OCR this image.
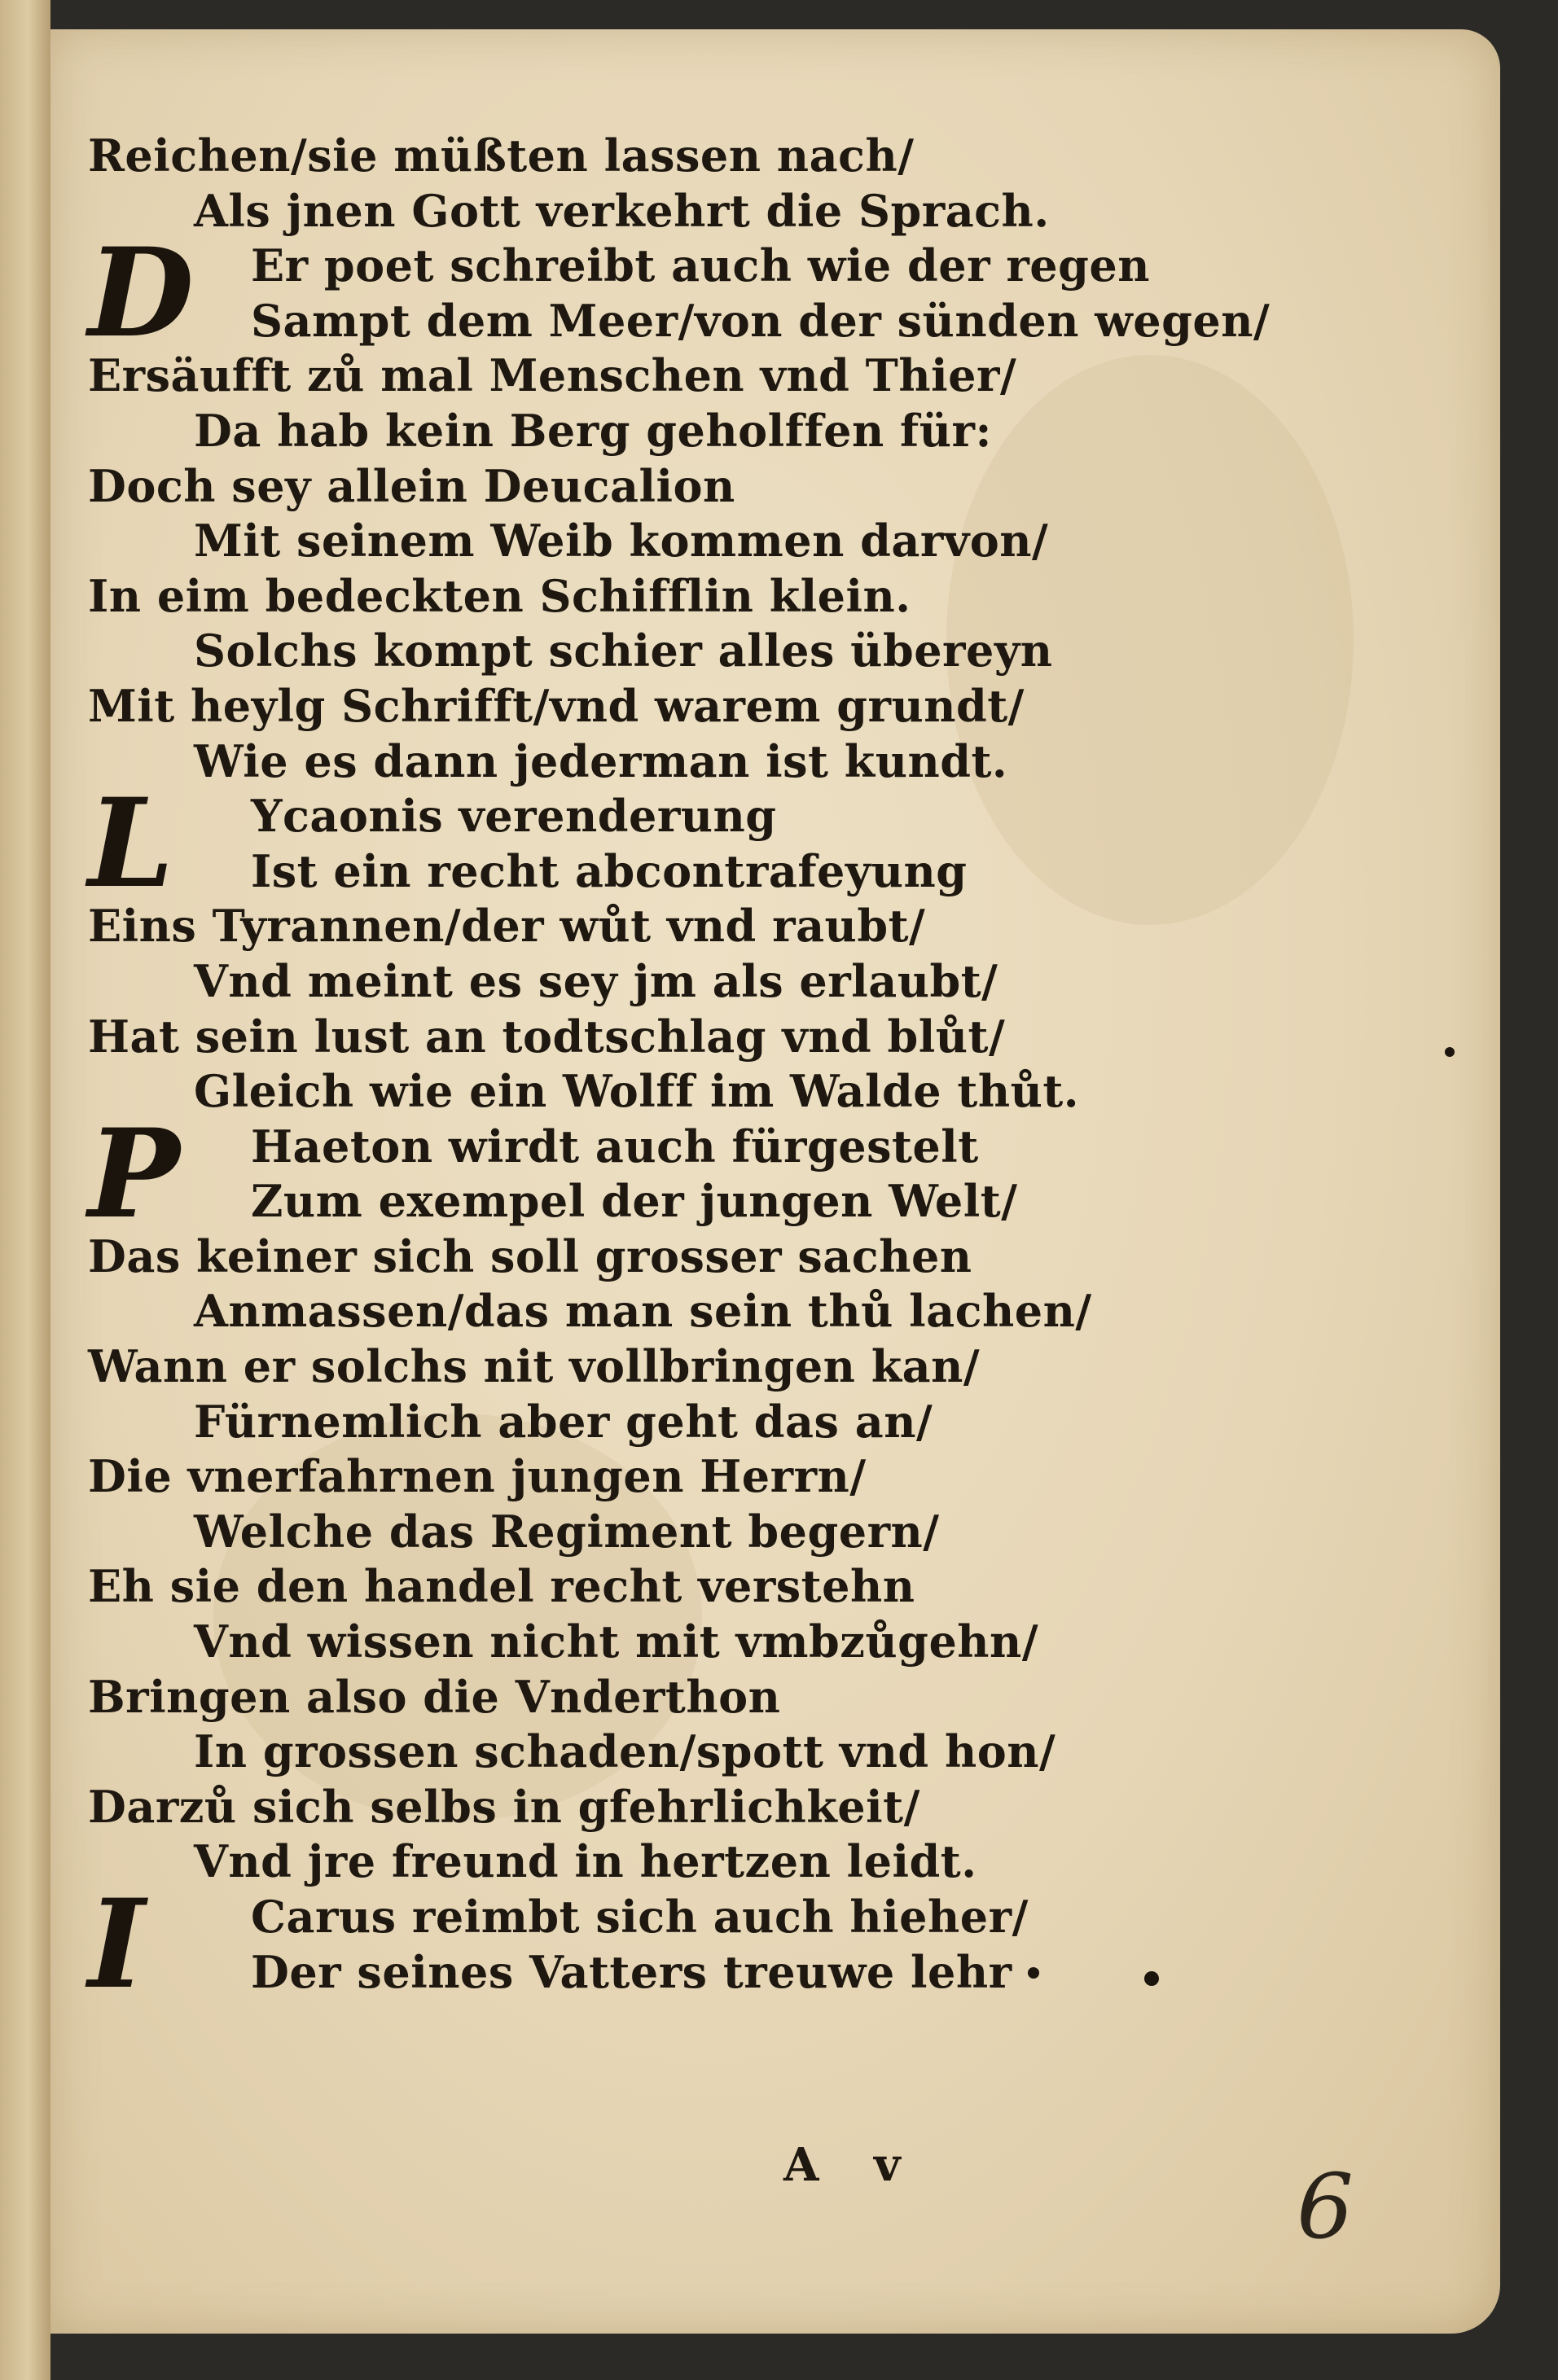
Reichen/sie müßten lassen nach/
Als jnen Gott verkehrt die Sprach.
D	Er poet schreibt auch wie der regen
Sampt dem Meer/von der sünden wegen/
Ersäufft zů mal Menschen vnd Thier/
Da hab kein Berg geholffen für:
Doch sey allein Deucalion
Mit seinem Weib kommen darvon/
In eim bedeckten Schifflin klein.
Solchs kompt schier alles übereyn
Mit heylg Schrifft/vnd warem grundt/
Wie es dann jederman ist kundt.
L	Ycaonis verenderung
Ist ein recht abcontrafeyung
Eins Tyrannen/der wůt vnd raubt/
Vnd meint es sey jm als erlaubt/
Hat sein lust an todtschlag vnd blůt/
Gleich wie ein Wolff im Walde thůt.
P	Haeton wirdt auch fürgestelt
Zum exempel der jungen Welt/
Das keiner sich soll grosser sachen
Anmassen/das man sein thů lachen/
Wann er solchs nit vollbringen kan/
Fürnemlich aber geht das an/
Die vnerfahrnen jungen Herrn/
Welche das Regiment begern/
Eh sie den handel recht verstehn
Vnd wissen nicht mit vmbzůgehn/
Bringen also die Vnderthon
In grossen schaden/spott vnd hon/
Darzů sich selbs in gfehrlichkeit/
Vnd jre freund in hertzen leidt.
I	Carus reimbt sich auch hieher/
Der seines Vatters treuwe lehr
A v	6
